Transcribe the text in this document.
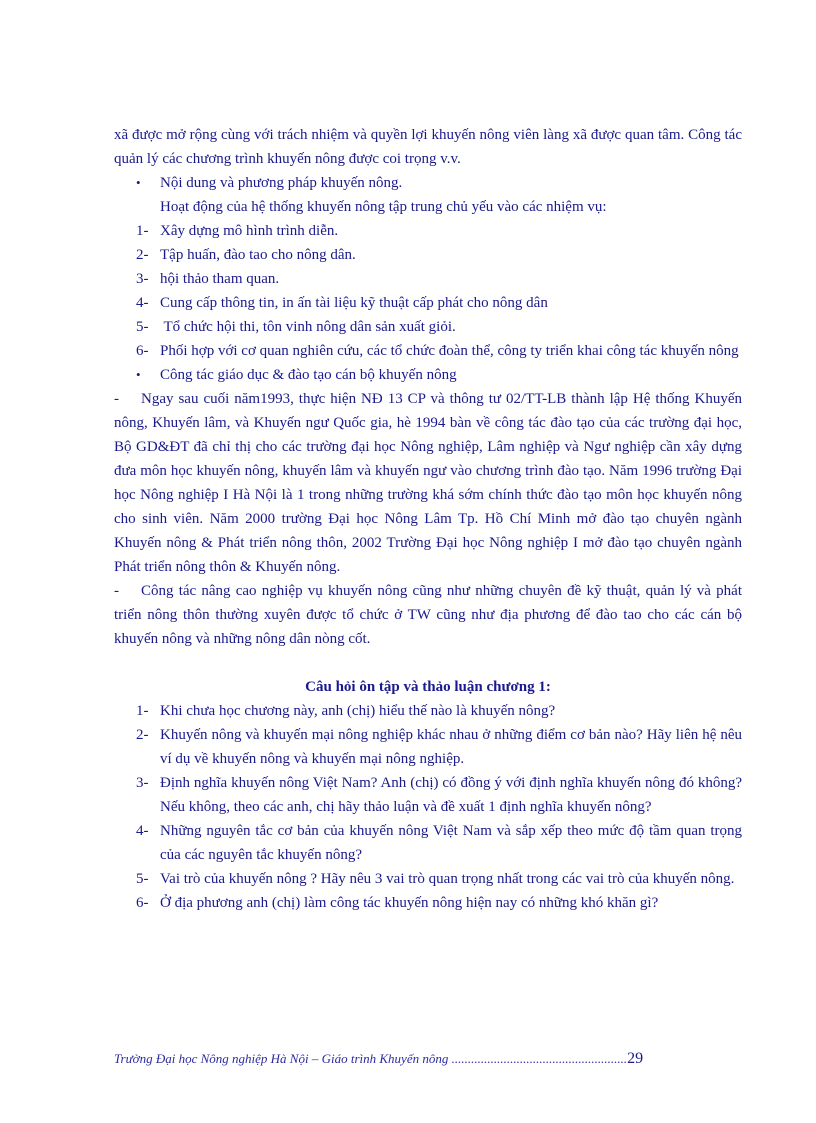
xã được mở rộng cùng với trách nhiệm và quyền lợi khuyến nông viên làng xã được quan tâm. Công tác quản lý các chương trình khuyến nông được coi trọng v.v.

•	Nội dung và phương pháp khuyến nông.

Hoạt động của hệ thống khuyến nông tập trung chủ yếu vào các nhiệm vụ:

1- Xây dựng mô hình trình diễn.
2- Tập huấn, đào tao cho nông dân.
3- hội thảo tham quan.
4- Cung cấp thông tin, in ấn tài liệu kỹ thuật cấp phát cho nông dân
5- Tổ chức hội thi, tôn vinh nông dân sản xuất giỏi.
6- Phối hợp với cơ quan nghiên cứu, các tổ chức đoàn thể, công ty triển khai công tác khuyến nông
•	Công tác giáo dục & đào tạo cán bộ khuyến nông

- Ngay sau cuối năm1993, thực hiện NĐ 13 CP và thông tư 02/TT-LB thành lập Hệ thống Khuyến nông, Khuyến lâm, và Khuyến ngư Quốc gia, hè 1994 bàn về công tác đào tạo của các trường đại học, Bộ GD&ĐT đã chỉ thị cho các trường đại học Nông nghiệp, Lâm nghiệp và Ngư nghiệp cần xây dựng đưa môn học khuyến nông, khuyến lâm và khuyến ngư vào chương trình đào tạo. Năm 1996 trường Đại học Nông nghiệp I Hà Nội là 1 trong những trường khá sớm chính thức đào tạo môn học khuyến nông cho sinh viên. Năm 2000 trường Đại học Nông Lâm Tp. Hồ Chí Minh mở đào tạo chuyên ngành Khuyến nông & Phát triển nông thôn, 2002 Trường Đại học Nông nghiệp I mở đào tạo chuyên ngành Phát triển nông thôn & Khuyến nông.

- Công tác nâng cao nghiệp vụ khuyến nông cũng như những chuyên đề kỹ thuật, quản lý và phát triển nông thôn thường xuyên được tổ chức ở TW cũng như địa phương để đào tao cho các cán bộ khuyến nông và những nông dân nòng cốt.

Câu hỏi ôn tập và thảo luận chương 1:

1- Khi chưa học chương này, anh (chị) hiểu thế nào là khuyến nông?
2- Khuyến nông và khuyến mại nông nghiệp khác nhau ở những điểm cơ bản nào? Hãy liên hệ nêu ví dụ về khuyến nông và khuyến mại nông nghiệp.
3- Định nghĩa khuyến nông Việt Nam? Anh (chị) có đồng ý với định nghĩa khuyến nông đó không? Nếu không, theo các anh, chị hãy thảo luận và đề xuất 1 định nghĩa khuyến nông?
4- Những nguyên tắc cơ bản của khuyến nông Việt Nam và sắp xếp theo mức độ tầm quan trọng của các nguyên tắc khuyến nông?
5- Vai trò của khuyến nông ? Hãy nêu 3 vai trò quan trọng nhất trong các vai trò của khuyến nông.
6- Ở địa phương anh (chị) làm công tác khuyến nông hiện nay có những khó khăn gì?
Trường Đại học Nông nghiệp Hà Nội – Giáo trình Khuyến nông ......................................................29
